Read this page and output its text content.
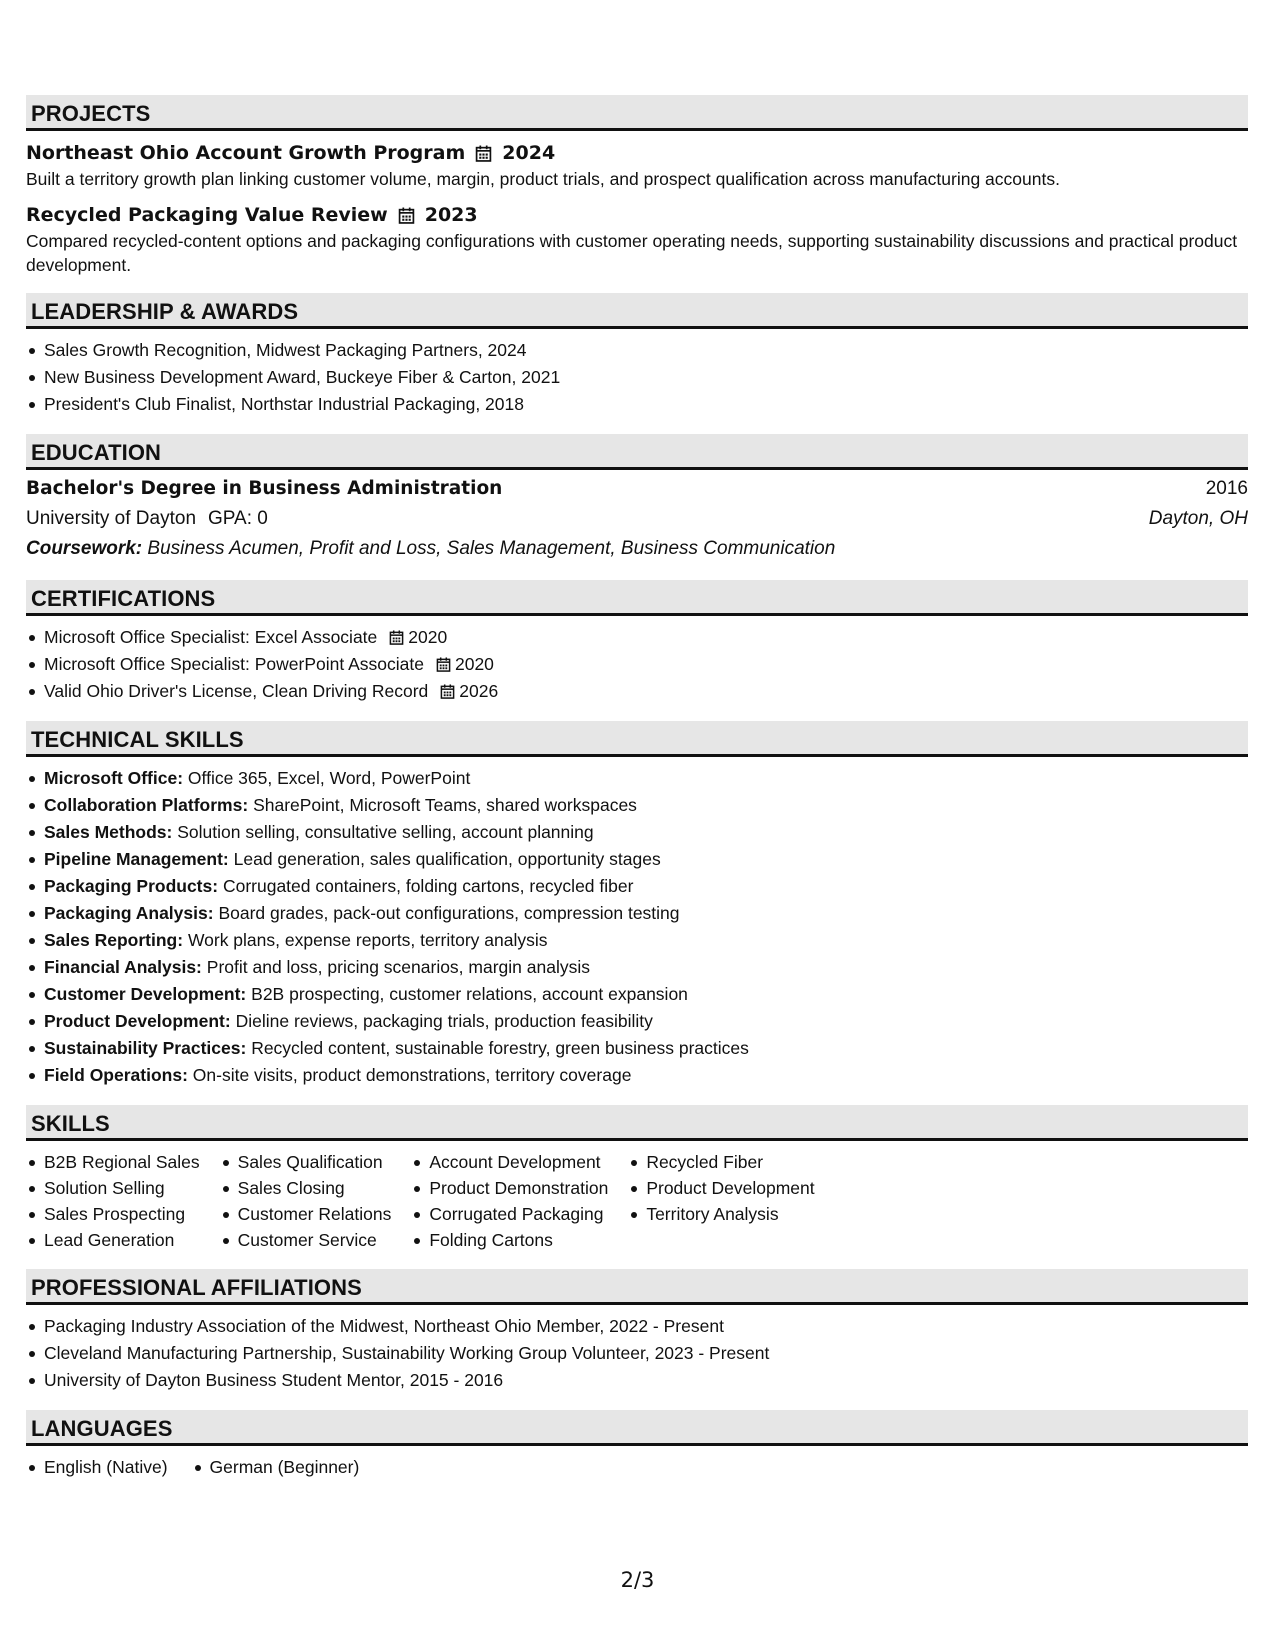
PROJECTS
Northeast Ohio Account Growth Program 2024
Built a territory growth plan linking customer volume, margin, product trials, and prospect qualification across manufacturing accounts.
Recycled Packaging Value Review 2023
Compared recycled-content options and packaging configurations with customer operating needs, supporting sustainability discussions and practical product development.
LEADERSHIP & AWARDS
Sales Growth Recognition, Midwest Packaging Partners, 2024
New Business Development Award, Buckeye Fiber & Carton, 2021
President's Club Finalist, Northstar Industrial Packaging, 2018
EDUCATION
Bachelor's Degree in Business Administration	2016
University of Dayton GPA: 0	Dayton, OH
Coursework: Business Acumen, Profit and Loss, Sales Management, Business Communication
CERTIFICATIONS
Microsoft Office Specialist: Excel Associate 2020
Microsoft Office Specialist: PowerPoint Associate 2020
Valid Ohio Driver's License, Clean Driving Record 2026
TECHNICAL SKILLS
Microsoft Office: Office 365, Excel, Word, PowerPoint
Collaboration Platforms: SharePoint, Microsoft Teams, shared workspaces
Sales Methods: Solution selling, consultative selling, account planning
Pipeline Management: Lead generation, sales qualification, opportunity stages
Packaging Products: Corrugated containers, folding cartons, recycled fiber
Packaging Analysis: Board grades, pack-out configurations, compression testing
Sales Reporting: Work plans, expense reports, territory analysis
Financial Analysis: Profit and loss, pricing scenarios, margin analysis
Customer Development: B2B prospecting, customer relations, account expansion
Product Development: Dieline reviews, packaging trials, production feasibility
Sustainability Practices: Recycled content, sustainable forestry, green business practices
Field Operations: On-site visits, product demonstrations, territory coverage
SKILLS
B2B Regional Sales
Solution Selling
Sales Prospecting
Lead Generation
Sales Qualification
Sales Closing
Customer Relations
Customer Service
Account Development
Product Demonstration
Corrugated Packaging
Folding Cartons
Recycled Fiber
Product Development
Territory Analysis
PROFESSIONAL AFFILIATIONS
Packaging Industry Association of the Midwest, Northeast Ohio Member, 2022 - Present
Cleveland Manufacturing Partnership, Sustainability Working Group Volunteer, 2023 - Present
University of Dayton Business Student Mentor, 2015 - 2016
LANGUAGES
English (Native)	German (Beginner)
2/3
